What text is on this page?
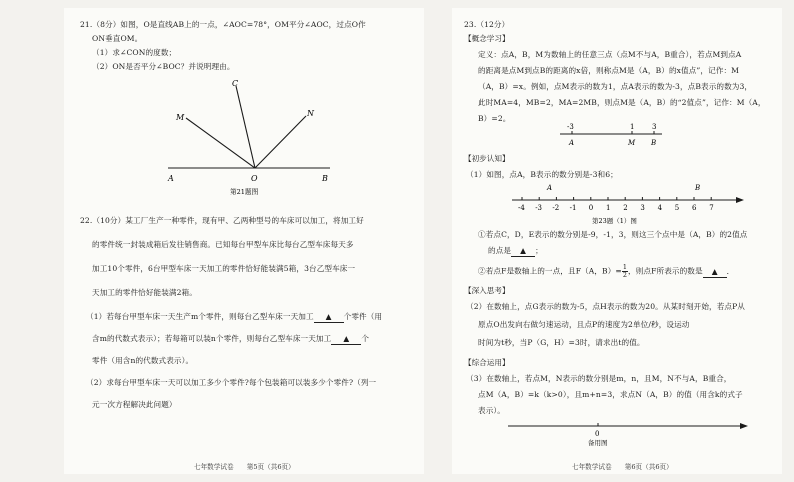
21.（8分）如图，O是直线AB上的一点，∠AOC=78°，OM平分∠AOC，过点O作
ON垂直OM。
（1）求∠CON的度数；
（2）ON是否平分∠BOC？并说明理由。
A	B
C
M	N
O
第21题图
22.（10分）某工厂生产一种零件，现有甲、乙两种型号的车床可以加工，将加工好
的零件统一封装成箱后发往销售商。已知每台甲型车床比每台乙型车床每天多
加工10个零件，6台甲型车床一天加工的零件恰好能装满5箱，3台乙型车床一
天加工的零件恰好能装满2箱。
（1）若每台甲型车床一天生产m个零件，则每台乙型车床一天加工 ▲ 个零件（用
含m的代数式表示）；若每箱可以装n个零件，则每台乙型车床一天加工 ▲ 个
零件（用含n的代数式表示）。
（2）求每台甲型车床一天可以加工多少个零件?每个包装箱可以装多少个零件?（列一
元一次方程解决此问题）
七年数学试卷　　第5页（共6页）
23.（12分）
【概念学习】
定义：点A，B，M为数轴上的任意三点（点M不与A，B重合），若点M到点A
的距离是点M到点B的距离的x倍，则称点M是（A，B）的x值点”，记作：M
（A，B）=x。例如，点M表示的数为1，点A表示的数为-3，点B表示的数为3，
此时MA=4，MB=2，MA=2MB，则点M是（A，B）的“2值点”，记作：M（A，
B）=2。
-3	1	3
A	M B
【初步认知】
（1）如图，点A，B表示的数分别是-3和6；
-4 -3 -2 -1 0 1 2 3 4 5 6 7
A	B
第23题（1）图
①若点C，D，E表示的数分别是-9，-1，3，则这三个点中是（A，B）的2值点
的点是 ▲ ；
②若点F是数轴上的一点，且F（A，$B)= \frac{1}{2}$ ，则点F所表示的数是 ▲ ．
【深入思考】
（2）在数轴上，点G表示的数为-5，点H表示的数为20。从某时刻开始，若点P从
原点O出发向右做匀速运动，且点P的速度为2单位/秒，设运动
时间为t秒，当P（G，H）=3时，请求出t的值。
【综合运用】
（3）在数轴上，若点M，N表示的数分别是m，n，且M，N不与A，B重合，
点M（A，B）=k（k>0），且m+n=3，求点N（A，B）的值（用含k的式子
表示）。
0
备用图
七年数学试卷　　第6页（共6页）
